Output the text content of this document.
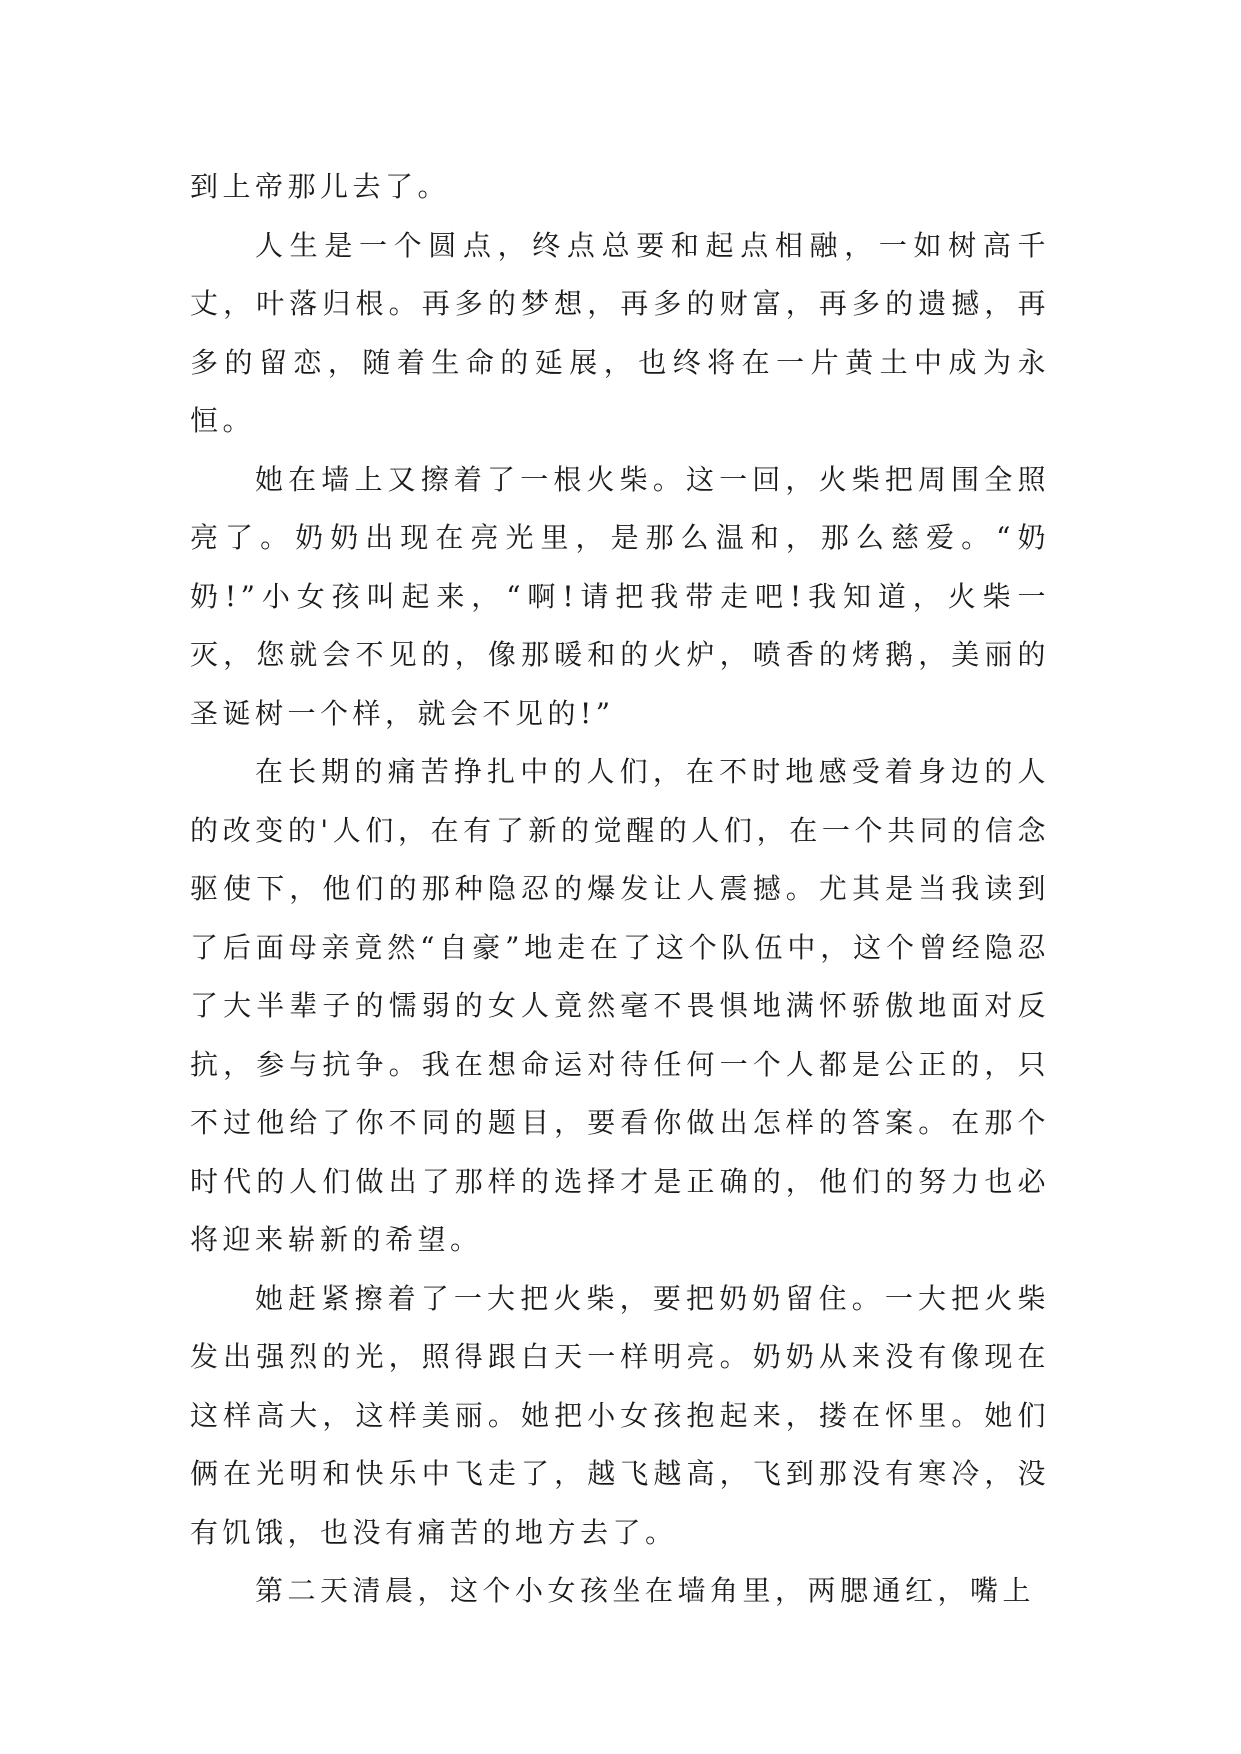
到上帝那儿去了。

人生是一个圆点，终点总要和起点相融，一如树高千丈，叶落归根。再多的梦想，再多的财富，再多的遗撼，再多的留恋，随着生命的延展，也终将在一片黄土中成为永恒。

她在墙上又擦着了一根火柴。这一回，火柴把周围全照亮了。奶奶出现在亮光里，是那么温和，那么慈爱。“奶奶!”小女孩叫起来，“啊!请把我带走吧!我知道，火柴一灭，您就会不见的，像那暖和的火炉，喷香的烤鹅，美丽的圣诞树一个样，就会不见的!”

在长期的痛苦挣扎中的人们，在不时地感受着身边的人的改变的'人们，在有了新的觉醒的人们，在一个共同的信念驱使下，他们的那种隐忍的爆发让人震撼。尤其是当我读到了后面母亲竟然“自豪”地走在了这个队伍中，这个曾经隐忍了大半辈子的懦弱的女人竟然毫不畏惧地满怀骄傲地面对反抗，参与抗争。我在想命运对待任何一个人都是公正的，只不过他给了你不同的题目，要看你做出怎样的答案。在那个时代的人们做出了那样的选择才是正确的，他们的努力也必将迎来崭新的希望。

她赶紧擦着了一大把火柴，要把奶奶留住。一大把火柴发出强烈的光，照得跟白天一样明亮。奶奶从来没有像现在这样高大，这样美丽。她把小女孩抱起来，搂在怀里。她们俩在光明和快乐中飞走了，越飞越高，飞到那没有寒冷，没有饥饿，也没有痛苦的地方去了。

第二天清晨，这个小女孩坐在墙角里，两腮通红，嘴上
